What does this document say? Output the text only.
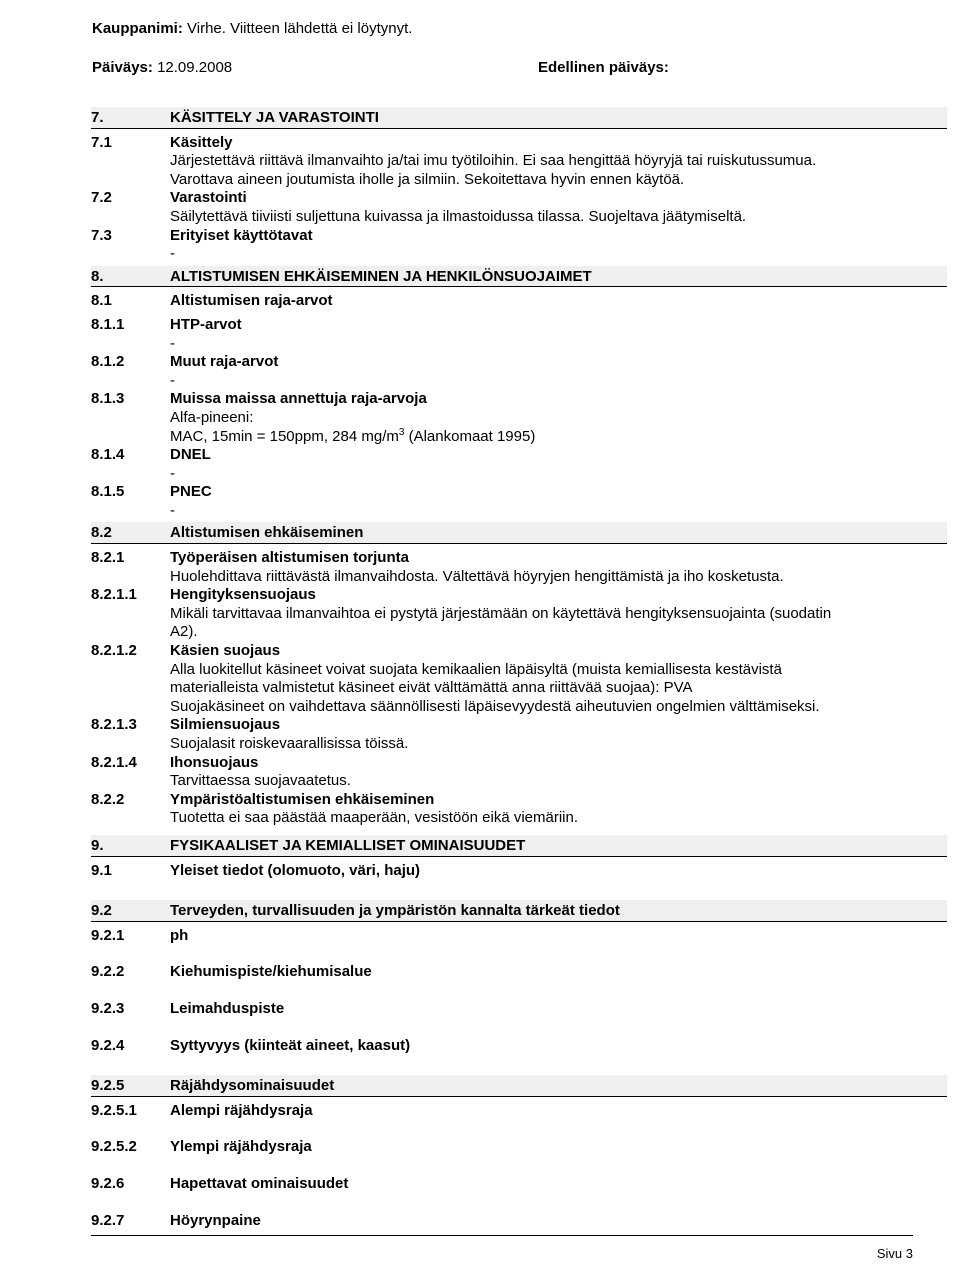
Kauppanimi: Virhe. Viitteen lähdettä ei löytynyt.
Päiväys: 12.09.2008	Edellinen päiväys:
7.	KÄSITTELY JA VARASTOINTI
7.1	Käsittely
Järjestettävä riittävä ilmanvaihto ja/tai imu työtiloihin. Ei saa hengittää höyryjä tai ruiskutussumua.
Varottava aineen joutumista iholle ja silmiin. Sekoitettava hyvin ennen käytöä.
7.2	Varastointi
Säilytettävä tiiviisti suljettuna kuivassa ja ilmastoidussa tilassa. Suojeltava jäätymiseltä.
7.3	Erityiset käyttötavat
-
8.	ALTISTUMISEN EHKÄISEMINEN JA HENKILÖNSUOJAIMET
8.1	Altistumisen raja-arvot
8.1.1	HTP-arvot
-
8.1.2	Muut raja-arvot
-
8.1.3	Muissa maissa annettuja raja-arvoja
Alfa-pineeni:
MAC, 15min = 150ppm, 284 $mg/m^3$ (Alankomaat 1995)
8.1.4	DNEL
-
8.1.5	PNEC
-
8.2	Altistumisen ehkäiseminen
8.2.1	Työperäisen altistumisen torjunta
Huolehdittava riittävästä ilmanvaihdosta. Vältettävä höyryjen hengittämistä ja iho kosketusta.
8.2.1.1	Hengityksensuojaus
Mikäli tarvittavaa ilmanvaihtoa ei pystytä järjestämään on käytettävä hengityksensuojainta (suodatin
A2).
8.2.1.2	Käsien suojaus
Alla luokitellut käsineet voivat suojata kemikaalien läpäisyltä (muista kemiallisesta kestävistä
materialleista valmistetut käsineet eivät välttämättä anna riittävää suojaa): PVA
Suojakäsineet on vaihdettava säännöllisesti läpäisevyydestä aiheutuvien ongelmien välttämiseksi.
8.2.1.3	Silmiensuojaus
Suojalasit roiskevaarallisissa töissä.
8.2.1.4	Ihonsuojaus
Tarvittaessa suojavaatetus.
8.2.2	Ympäristöaltistumisen ehkäiseminen
Tuotetta ei saa päästää maaperään, vesistöön eikä viemäriin.
9.	FYSIKAALISET JA KEMIALLISET OMINAISUUDET
9.1	Yleiset tiedot (olomuoto, väri, haju)
9.2	Terveyden, turvallisuuden ja ympäristön kannalta tärkeät tiedot
9.2.1	ph
9.2.2	Kiehumispiste/kiehumisalue
9.2.3	Leimahduspiste
9.2.4	Syttyvyys (kiinteät aineet, kaasut)
9.2.5	Räjähdysominaisuudet
9.2.5.1	Alempi räjähdysraja
9.2.5.2	Ylempi räjähdysraja
9.2.6	Hapettavat ominaisuudet
9.2.7	Höyrynpaine
Sivu 3
